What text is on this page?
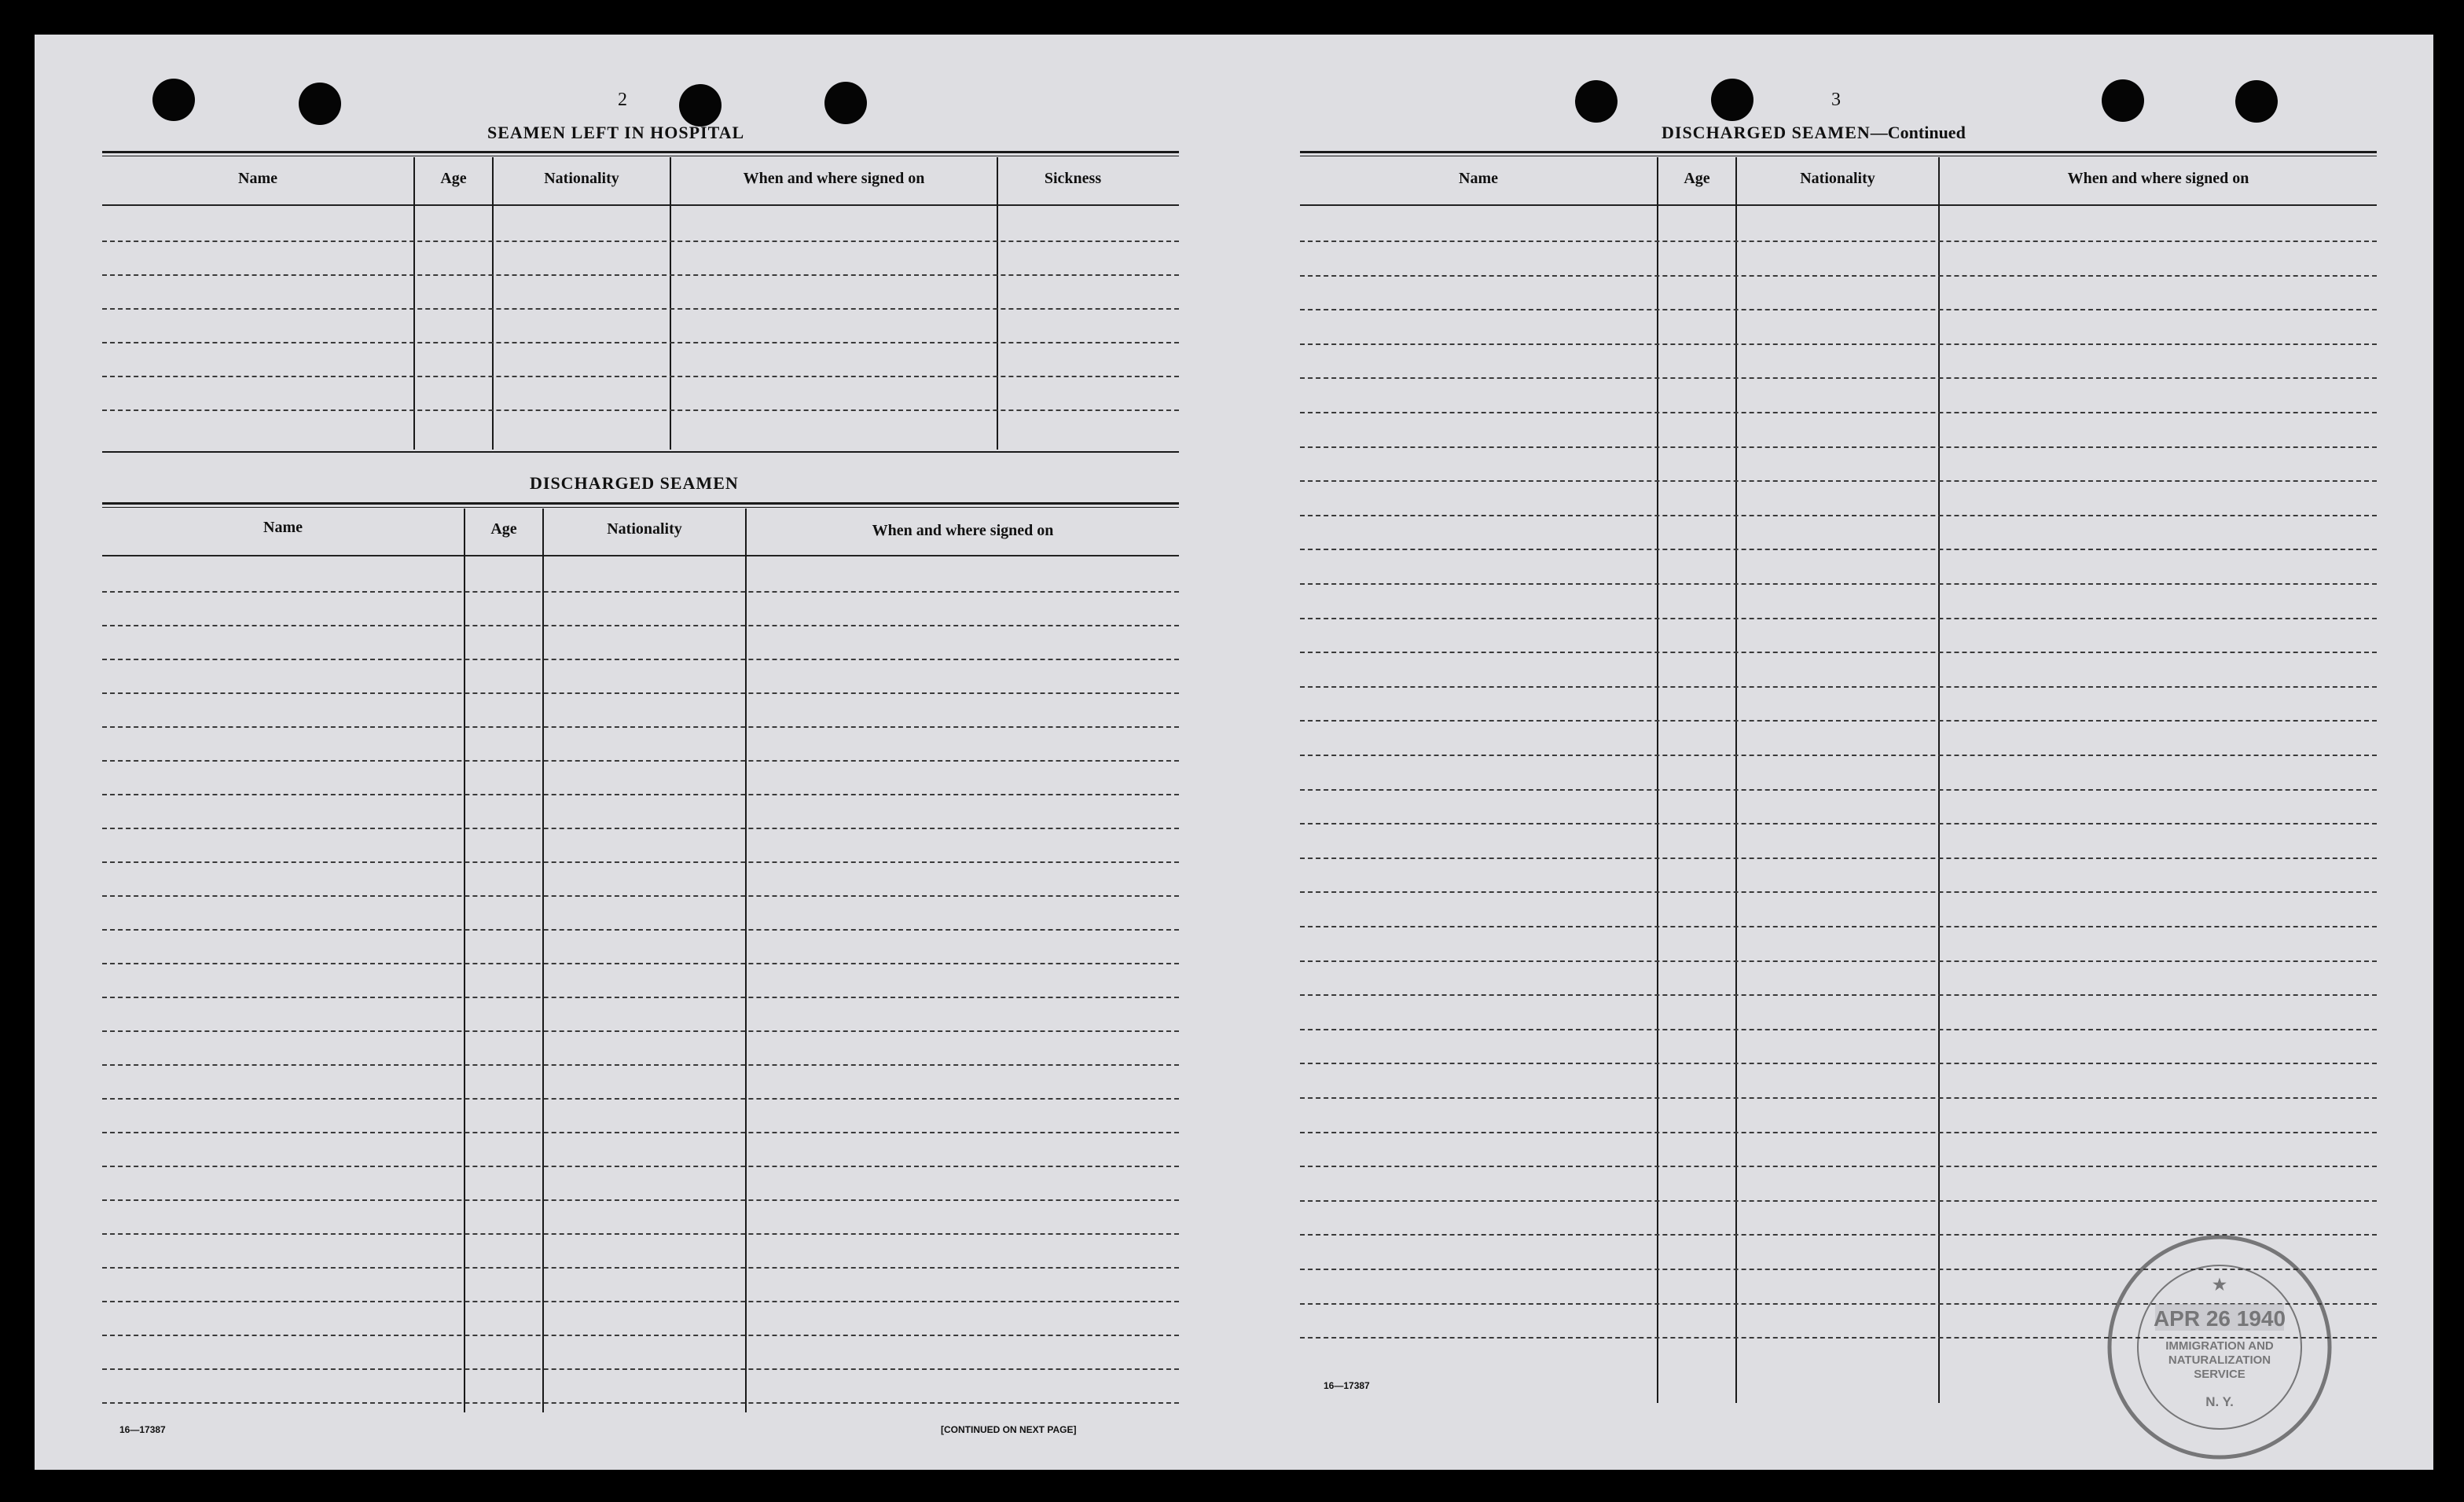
2
SEAMEN LEFT IN HOSPITAL
Name	Age	Nationality	When and where signed on	Sickness
DISCHARGED SEAMEN
Name	Age	Nationality	When and where signed on
16—17387	[CONTINUED ON NEXT PAGE]
3
DISCHARGED SEAMEN—Continued
Name	Age	Nationality	When and where signed on
16—17387
★
APR 26 1940
IMMIGRATION AND
NATURALIZATION
SERVICE
N. Y.
